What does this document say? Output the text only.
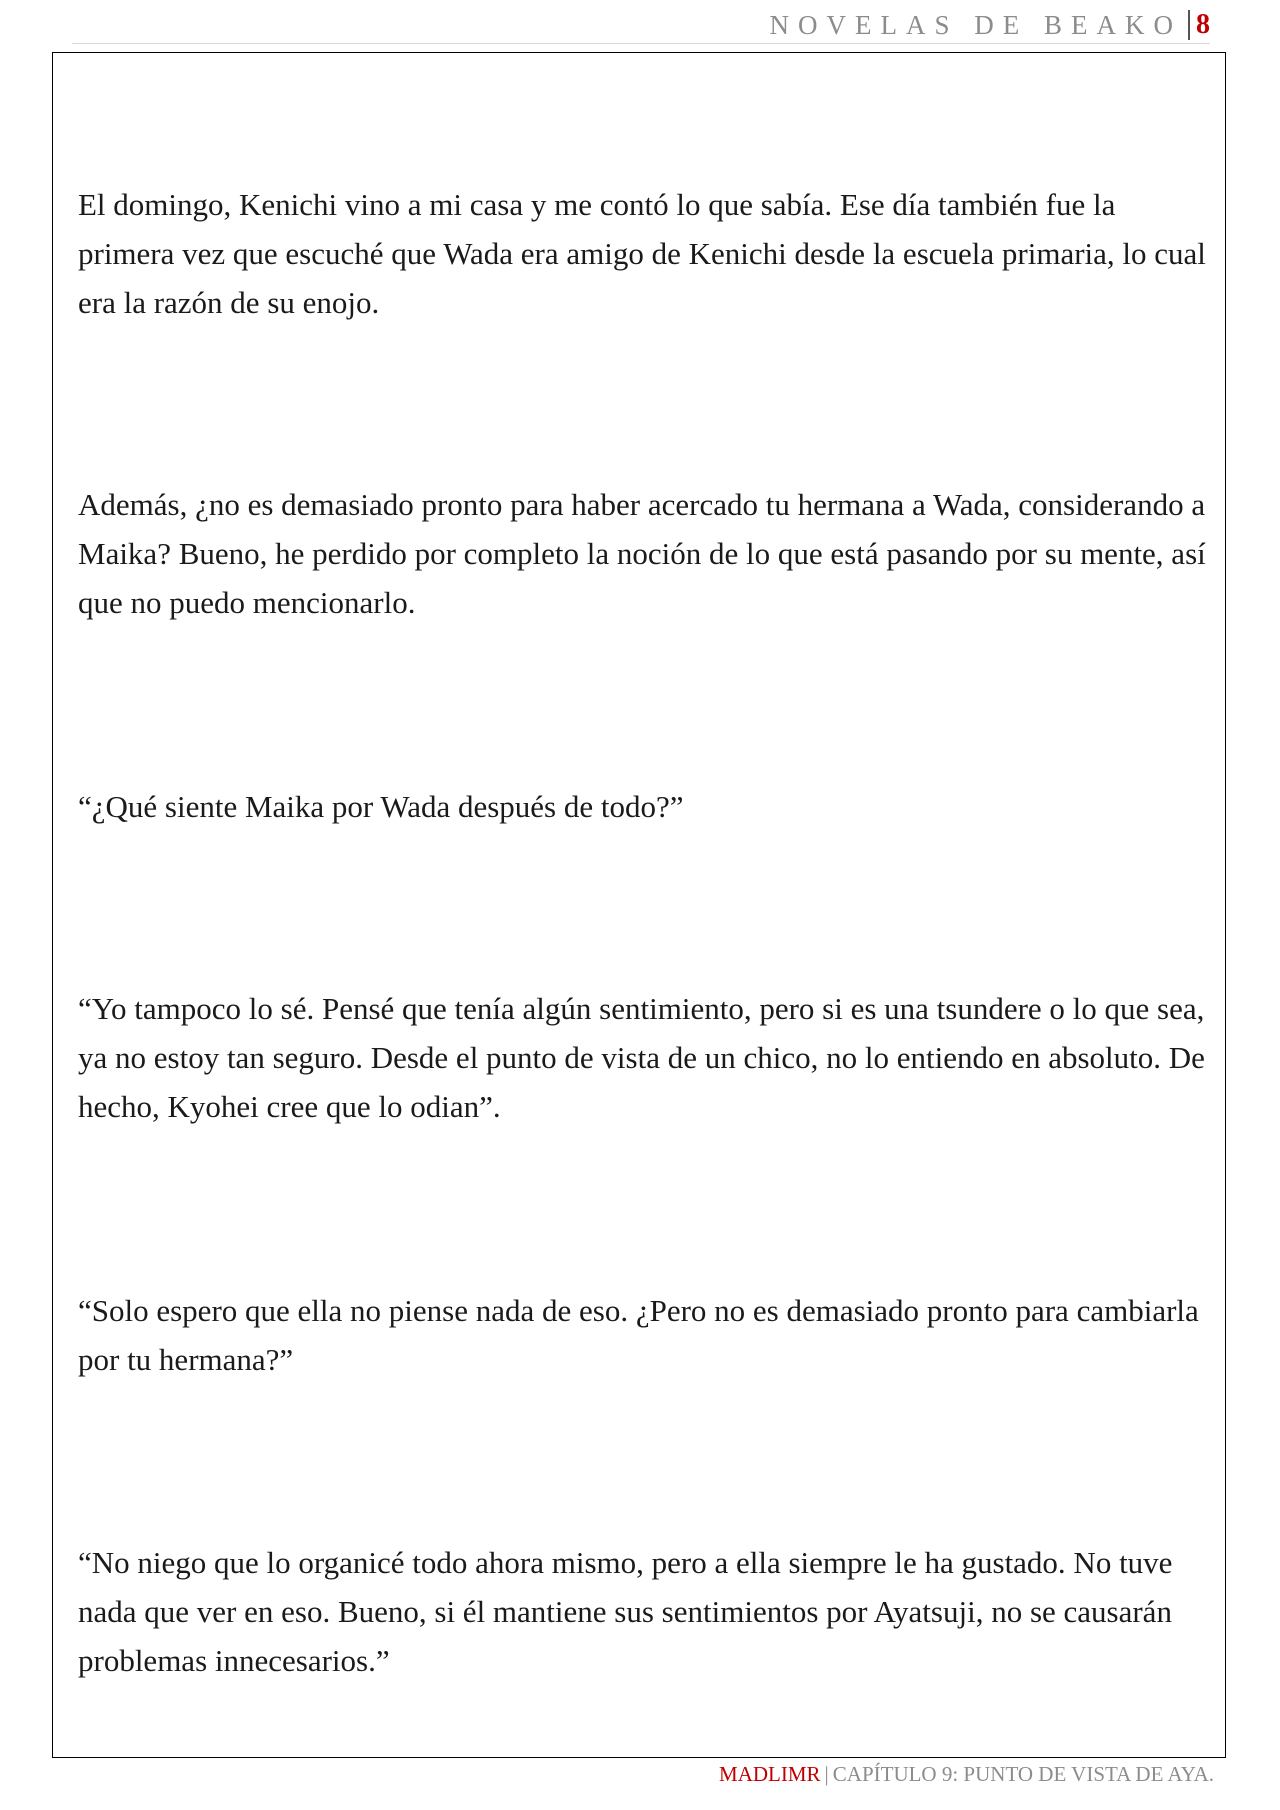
NOVELAS DE BEAKO 8

El domingo, Kenichi vino a mi casa y me contó lo que sabía. Ese día también fue la primera vez que escuché que Wada era amigo de Kenichi desde la escuela primaria, lo cual era la razón de su enojo.

Además, ¿no es demasiado pronto para haber acercado tu hermana a Wada, considerando a Maika? Bueno, he perdido por completo la noción de lo que está pasando por su mente, así que no puedo mencionarlo.

“¿Qué siente Maika por Wada después de todo?”

“Yo tampoco lo sé. Pensé que tenía algún sentimiento, pero si es una tsundere o lo que sea, ya no estoy tan seguro. Desde el punto de vista de un chico, no lo entiendo en absoluto. De hecho, Kyohei cree que lo odian”.

“Solo espero que ella no piense nada de eso. ¿Pero no es demasiado pronto para cambiarla por tu hermana?”

“No niego que lo organicé todo ahora mismo, pero a ella siempre le ha gustado. No tuve nada que ver en eso. Bueno, si él mantiene sus sentimientos por Ayatsuji, no se causarán problemas innecesarios.”

MADLIMR | CAPÍTULO 9: PUNTO DE VISTA DE AYA.
